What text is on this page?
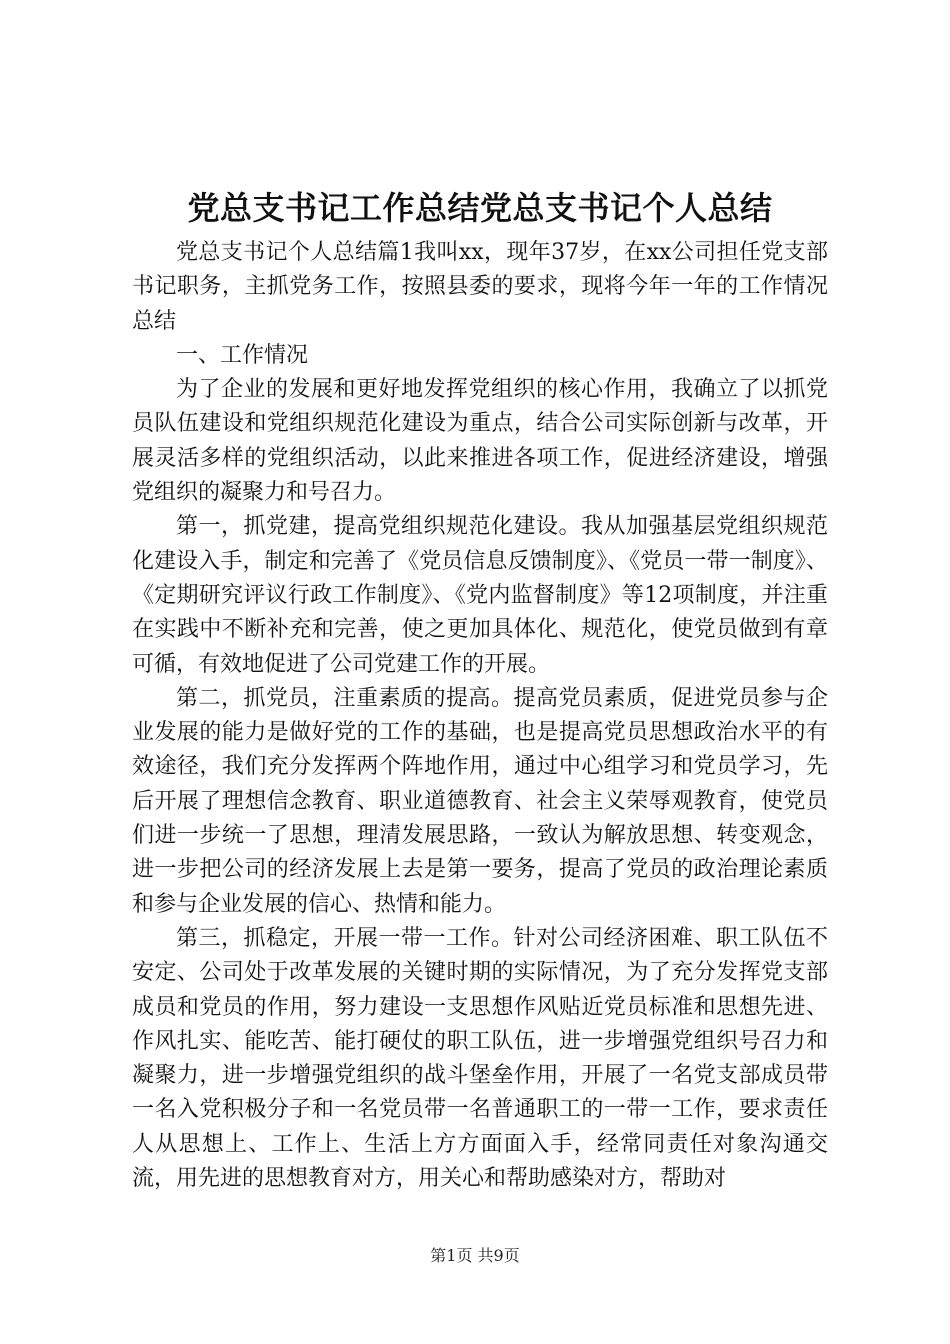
党总支书记工作总结党总支书记个人总结

党总支书记个人总结篇1我叫xx，现年37岁，在xx公司担任党支部书记职务，主抓党务工作，按照县委的要求，现将今年一年的工作情况总结

一、工作情况

为了企业的发展和更好地发挥党组织的核心作用，我确立了以抓党员队伍建设和党组织规范化建设为重点，结合公司实际创新与改革，开展灵活多样的党组织活动，以此来推进各项工作，促进经济建设，增强党组织的凝聚力和号召力。

第一，抓党建，提高党组织规范化建设。我从加强基层党组织规范化建设入手，制定和完善了《党员信息反馈制度》、《党员一带一制度》、《定期研究评议行政工作制度》、《党内监督制度》等12项制度，并注重在实践中不断补充和完善，使之更加具体化、规范化，使党员做到有章可循，有效地促进了公司党建工作的开展。

第二，抓党员，注重素质的提高。提高党员素质，促进党员参与企业发展的能力是做好党的工作的基础，也是提高党员思想政治水平的有效途径，我们充分发挥两个阵地作用，通过中心组学习和党员学习，先后开展了理想信念教育、职业道德教育、社会主义荣辱观教育，使党员们进一步统一了思想，理清发展思路，一致认为解放思想、转变观念，进一步把公司的经济发展上去是第一要务，提高了党员的政治理论素质和参与企业发展的信心、热情和能力。

第三，抓稳定，开展一带一工作。针对公司经济困难、职工队伍不安定、公司处于改革发展的关键时期的实际情况，为了充分发挥党支部成员和党员的作用，努力建设一支思想作风贴近党员标准和思想先进、作风扎实、能吃苦、能打硬仗的职工队伍，进一步增强党组织号召力和凝聚力，进一步增强党组织的战斗堡垒作用，开展了一名党支部成员带一名入党积极分子和一名党员带一名普通职工的一带一工作，要求责任人从思想上、工作上、生活上方方面面入手，经常同责任对象沟通交流，用先进的思想教育对方，用关心和帮助感染对方，帮助对

第1页 共9页
